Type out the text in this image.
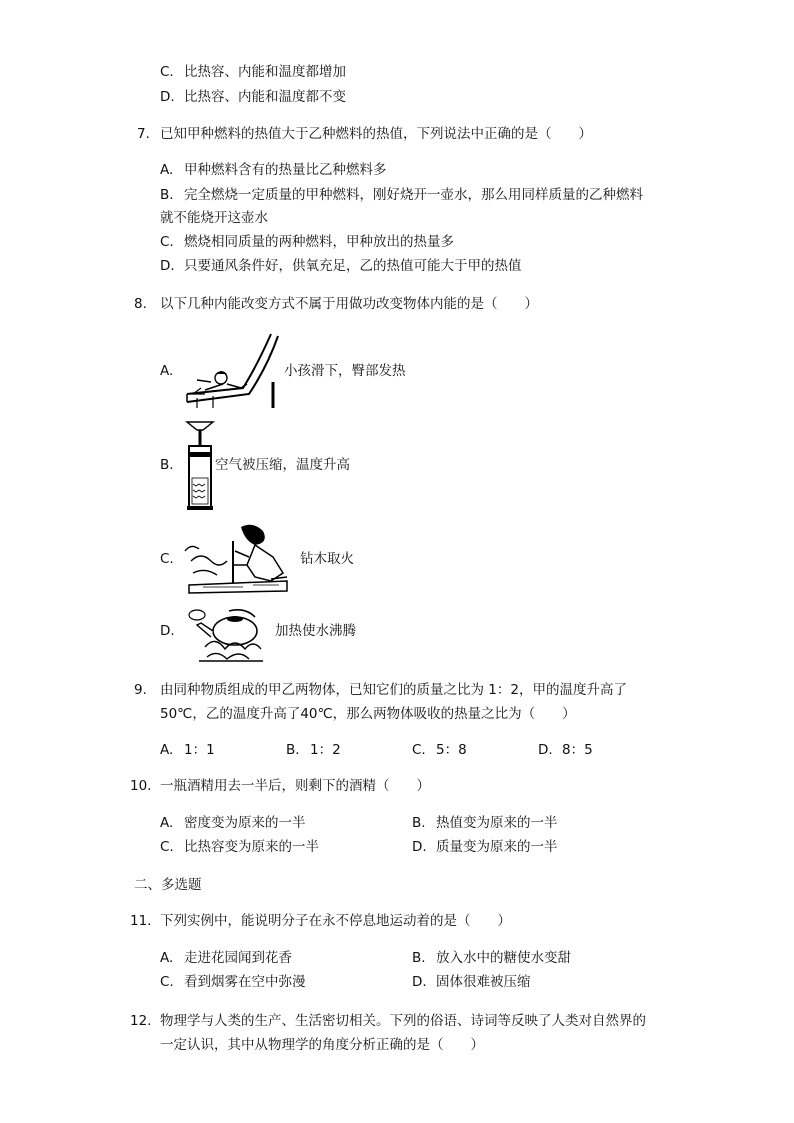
C. 比热容、内能和温度都增加
D. 比热容、内能和温度都不变
7. 已知甲种燃料的热值大于乙种燃料的热值，下列说法中正确的是（　　）
A. 甲种燃料含有的热量比乙种燃料多
B. 完全燃烧一定质量的甲种燃料，刚好烧开一壶水，那么用同样质量的乙种燃料
就不能烧开这壶水
C. 燃烧相同质量的两种燃料，甲种放出的热量多
D. 只要通风条件好，供氧充足，乙的热值可能大于甲的热值
8. 以下几种内能改变方式不属于用做功改变物体内能的是（　　）
A.	小孩滑下，臀部发热
B.	空气被压缩，温度升高
C.	钻木取火
D.	加热使水沸腾
9. 由同种物质组成的甲乙两物体，已知它们的质量之比为 1：2，甲的温度升高了
50℃，乙的温度升高了40℃，那么两物体吸收的热量之比为（　　）
A. 1：1	B. 1：2	C. 5：8	D. 8：5
10. 一瓶酒精用去一半后，则剩下的酒精（　　）
A. 密度变为原来的一半	B. 热值变为原来的一半
C. 比热容变为原来的一半	D. 质量变为原来的一半
二、多选题
11. 下列实例中，能说明分子在永不停息地运动着的是（　　）
A. 走进花园闻到花香	B. 放入水中的糖使水变甜
C. 看到烟雾在空中弥漫	D. 固体很难被压缩
12. 物理学与人类的生产、生活密切相关。下列的俗语、诗词等反映了人类对自然界的
一定认识，其中从物理学的角度分析正确的是（　　）
